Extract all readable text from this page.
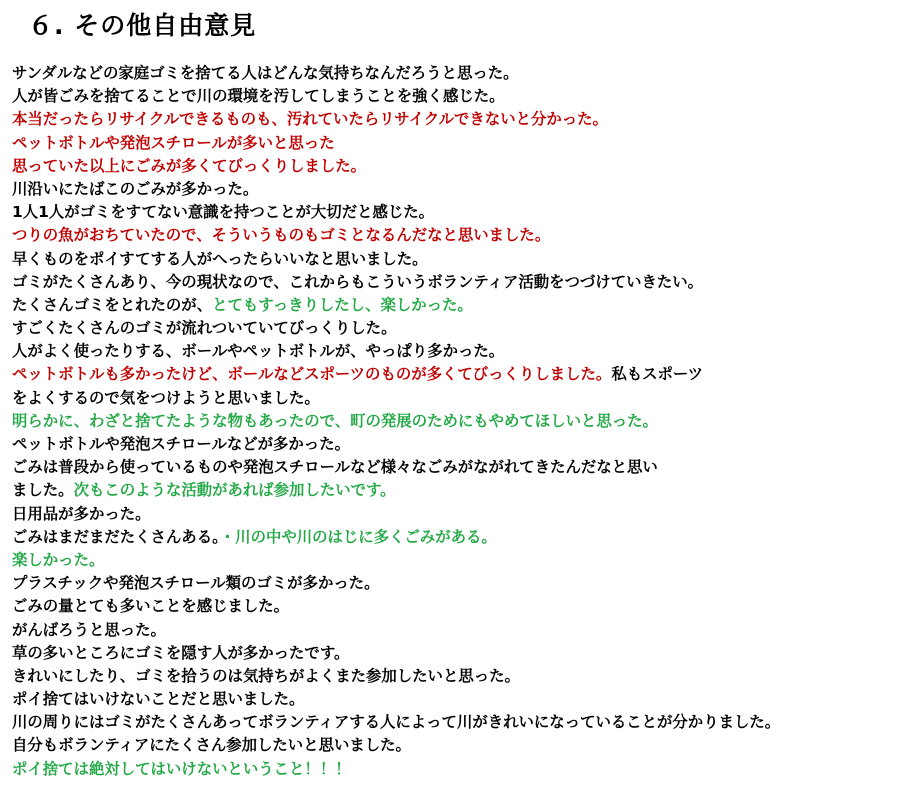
６. その他自由意見
サンダルなどの家庭ゴミを捨てる人はどんな気持ちなんだろうと思った。
人が皆ごみを捨てることで川の環境を汚してしまうことを強く感じた。
本当だったらリサイクルできるものも、汚れていたらリサイクルできないと分かった。
ペットボトルや発泡スチロールが多いと思った
思っていた以上にごみが多くてびっくりしました。
川沿いにたばこのごみが多かった。
1人1人がゴミをすてない意識を持つことが大切だと感じた。
つりの魚がおちていたので、そういうものもゴミとなるんだなと思いました。
早くものをポイすてする人がへったらいいなと思いました。
ゴミがたくさんあり、今の現状なので、これからもこういうボランティア活動をつづけていきたい。
たくさんゴミをとれたのが、とてもすっきりしたし、楽しかった。
すごくたくさんのゴミが流れついていてびっくりした。
人がよく使ったりする、ボールやペットボトルが、やっぱり多かった。
ペットボトルも多かったけど、ボールなどスポーツのものが多くてびっくりしました。私もスポーツ
をよくするので気をつけようと思いました。
明らかに、わざと捨てたような物もあったので、町の発展のためにもやめてほしいと思った。
ペットボトルや発泡スチロールなどが多かった。
ごみは普段から使っているものや発泡スチロールなど様々なごみがながれてきたんだなと思い
ました。次もこのような活動があれば参加したいです。
日用品が多かった。
ごみはまだまだたくさんある。・川の中や川のはじに多くごみがある。
楽しかった。
プラスチックや発泡スチロール類のゴミが多かった。
ごみの量とても多いことを感じました。
がんばろうと思った。
草の多いところにゴミを隠す人が多かったです。
きれいにしたり、ゴミを拾うのは気持ちがよくまた参加したいと思った。
ポイ捨てはいけないことだと思いました。
川の周りにはゴミがたくさんあってボランティアする人によって川がきれいになっていることが分かりました。
自分もボランティアにたくさん参加したいと思いました。
ポイ捨ては絶対してはいけないということ！！！
